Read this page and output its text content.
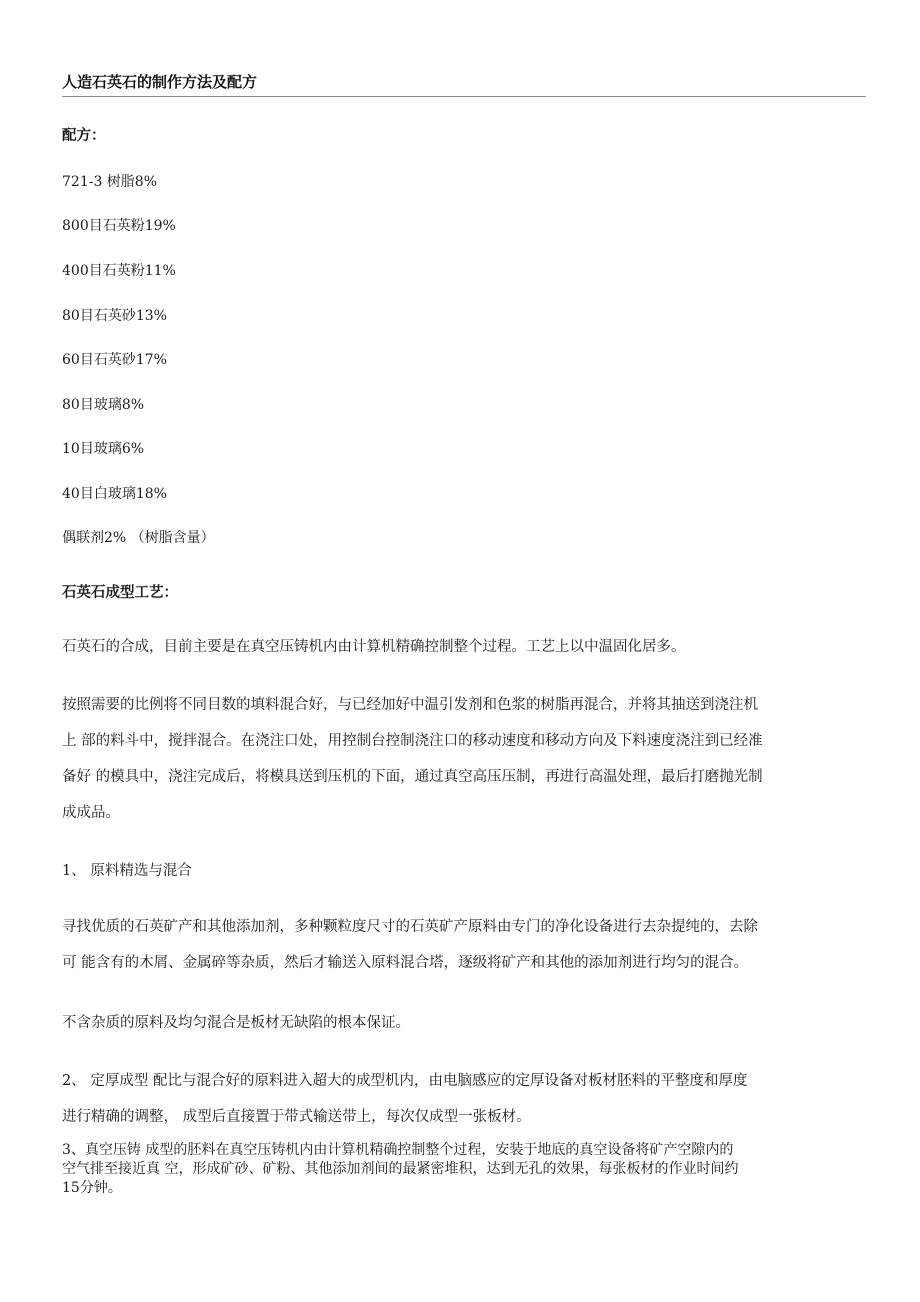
人造石英石的制作方法及配方
配方：
721-3 树脂8%
800目石英粉19%
400目石英粉11%
80目石英砂13%
60目石英砂17%
80目玻璃8%
10目玻璃6%
40目白玻璃18%
偶联剂2% （树脂含量）
石英石成型工艺：
石英石的合成，目前主要是在真空压铸机内由计算机精确控制整个过程。工艺上以中温固化居多。
按照需要的比例将不同目数的填料混合好，与已经加好中温引发剂和色浆的树脂再混合，并将其抽送到浇注机
上 部的料斗中，搅拌混合。在浇注口处，用控制台控制浇注口的移动速度和移动方向及下料速度浇注到已经准
备好 的模具中，浇注完成后，将模具送到压机的下面，通过真空高压压制，再进行高温处理，最后打磨抛光制
成成品。
1、 原料精选与混合
寻找优质的石英矿产和其他添加剂，多种颗粒度尺寸的石英矿产原料由专门的净化设备进行去杂提纯的，去除
可 能含有的木屑、金属碎等杂质，然后才输送入原料混合塔，逐级将矿产和其他的添加剂进行均匀的混合。
不含杂质的原料及均匀混合是板材无缺陷的根本保证。
2、 定厚成型 配比与混合好的原料进入超大的成型机内，由电脑感应的定厚设备对板材胚料的平整度和厚度
进行精确的调整， 成型后直接置于带式输送带上，每次仅成型一张板材。
3、真空压铸 成型的胚料在真空压铸机内由计算机精确控制整个过程，安装于地底的真空设备将矿产空隙内的
空气排至接近真 空，形成矿砂、矿粉、其他添加剂间的最紧密堆积，达到无孔的效果，每张板材的作业时间约
15分钟。
